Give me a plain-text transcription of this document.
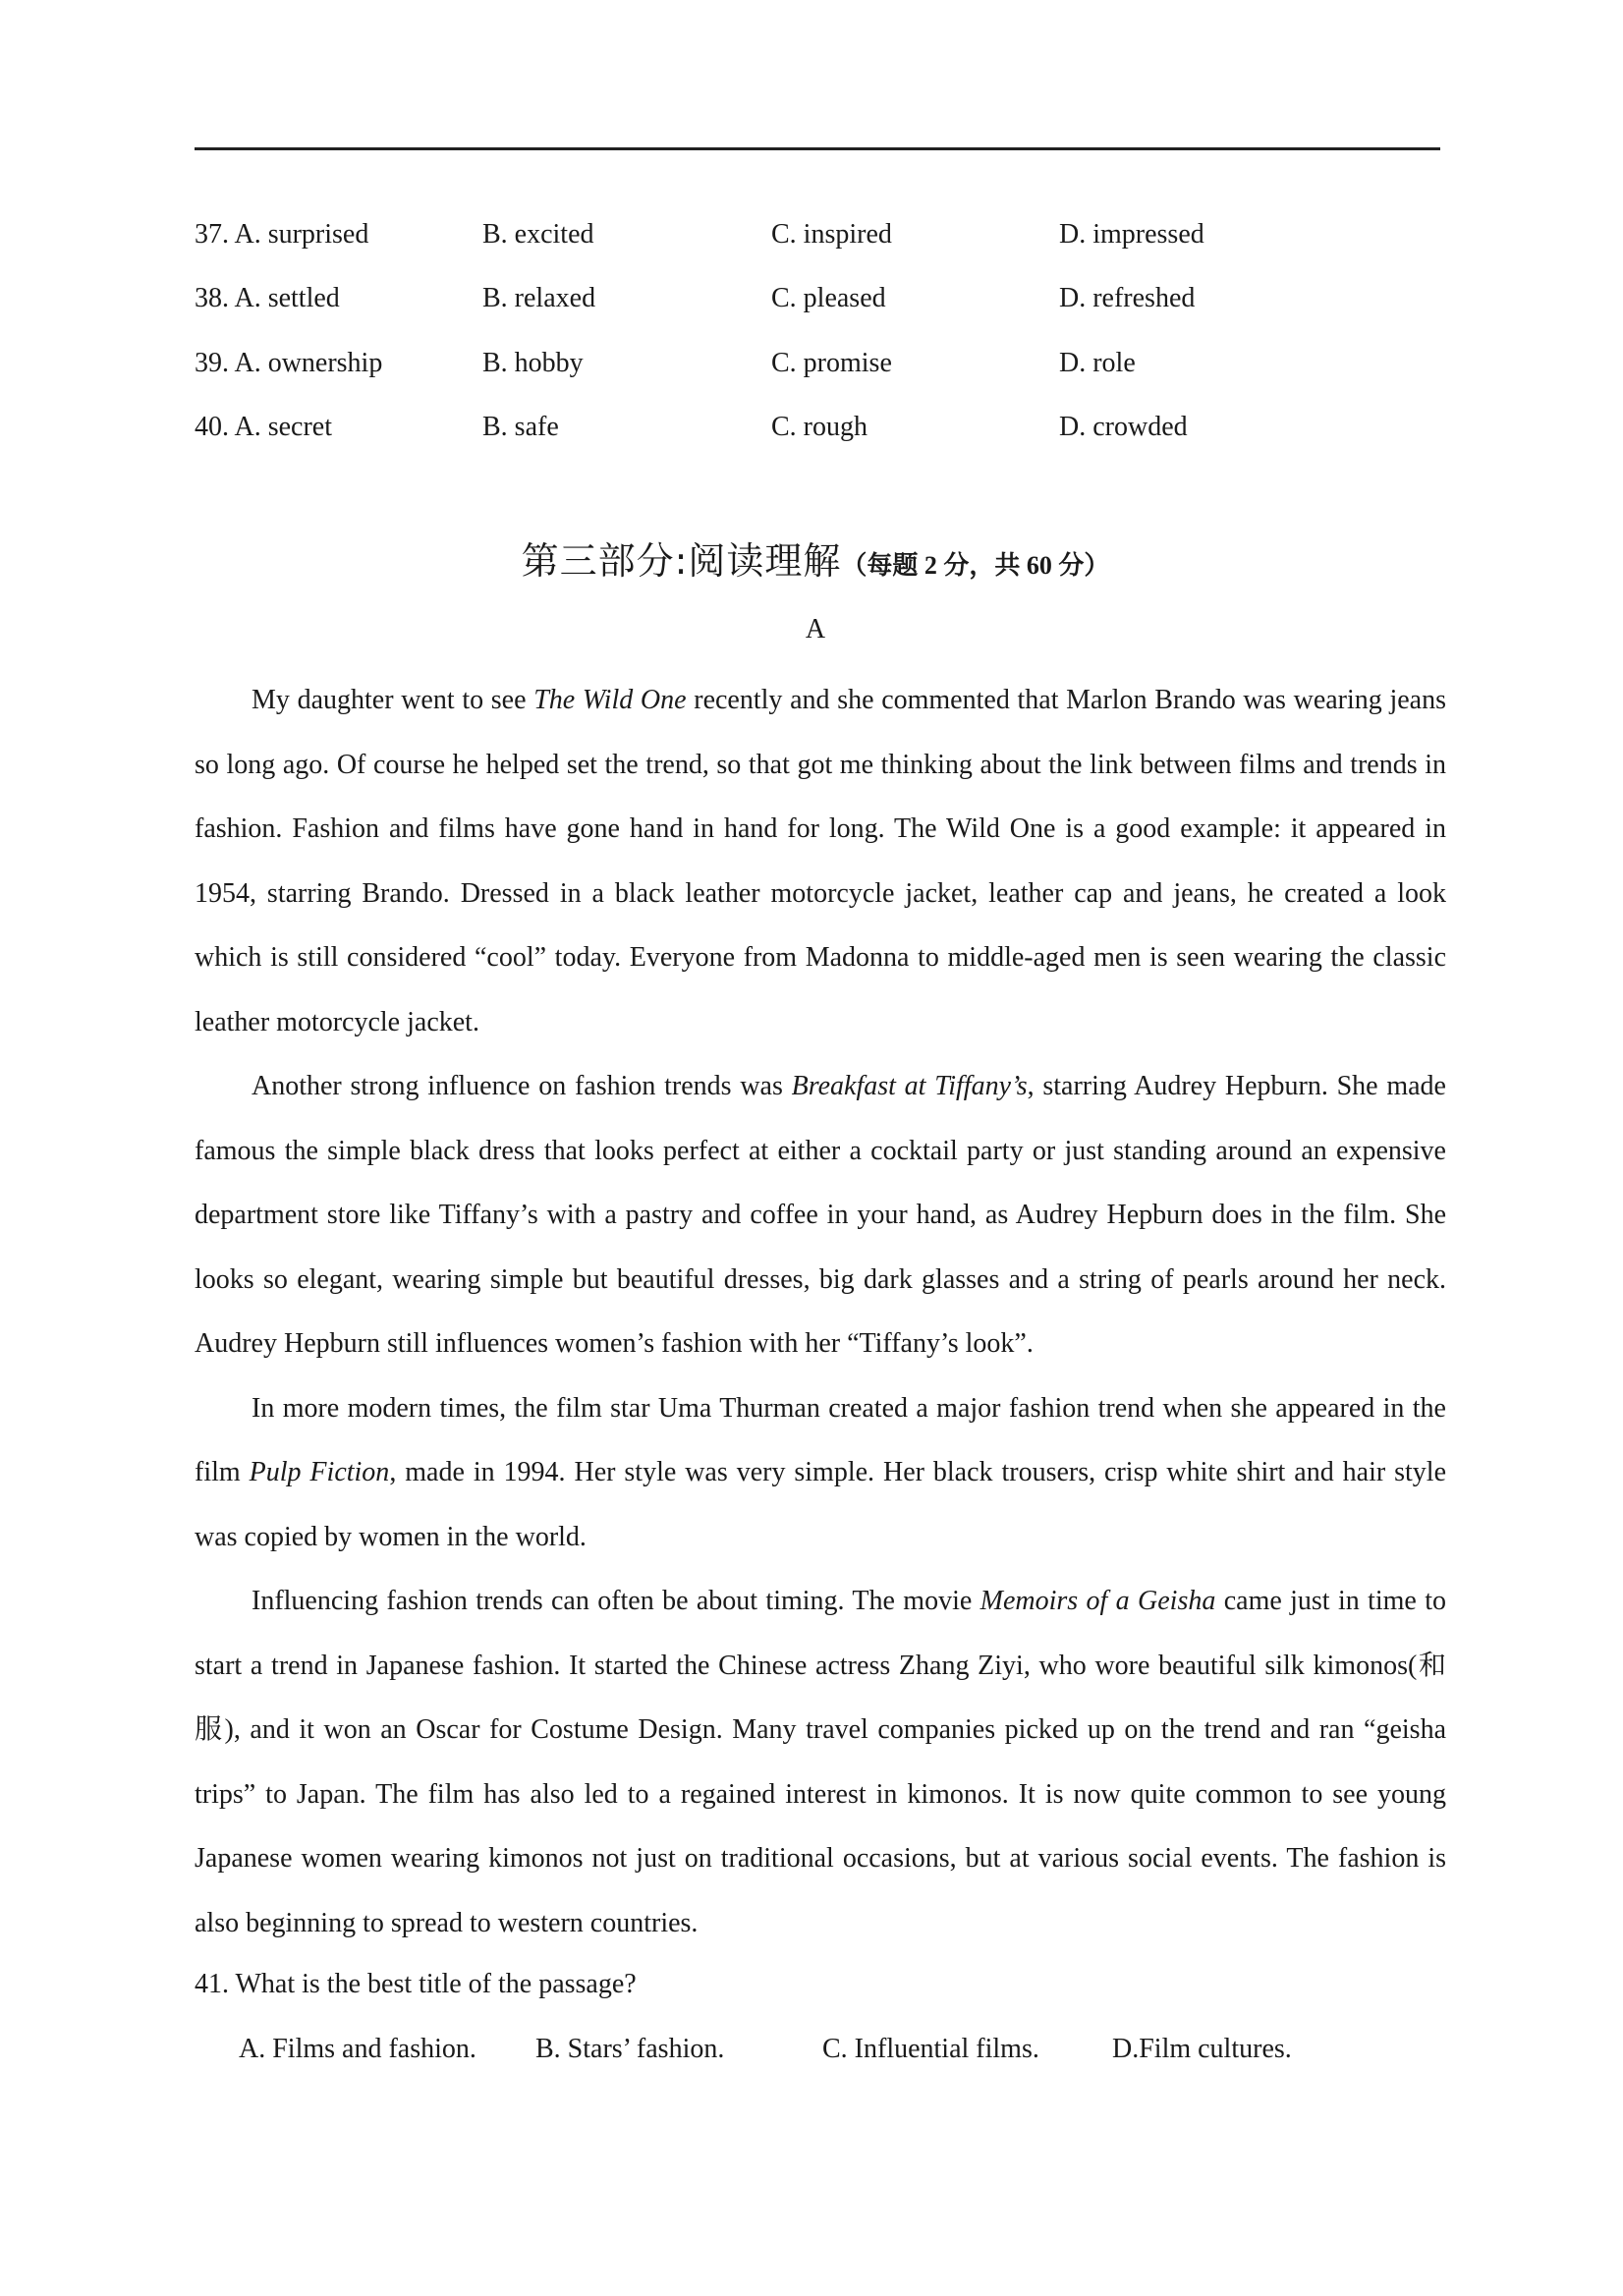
37. A. surprised	B. excited	C. inspired	D. impressed
38. A. settled	B. relaxed	C. pleased	D. refreshed
39. A. ownership	B. hobby	C. promise	D. role
40. A. secret	B. safe	C. rough	D. crowded
第三部分:阅读理解（每题 2 分，共 60 分）
A

My daughter went to see The Wild One recently and she commented that Marlon Brando was wearing jeans so long ago. Of course he helped set the trend, so that got me thinking about the link between films and trends in fashion. Fashion and films have gone hand in hand for long. The Wild One is a good example: it appeared in 1954, starring Brando. Dressed in a black leather motorcycle jacket, leather cap and jeans, he created a look which is still considered “cool” today. Everyone from Madonna to middle-aged men is seen wearing the classic leather motorcycle jacket.

Another strong influence on fashion trends was Breakfast at Tiffany’s, starring Audrey Hepburn. She made famous the simple black dress that looks perfect at either a cocktail party or just standing around an expensive department store like Tiffany’s with a pastry and coffee in your hand, as Audrey Hepburn does in the film. She looks so elegant, wearing simple but beautiful dresses, big dark glasses and a string of pearls around her neck. Audrey Hepburn still influences women’s fashion with her “Tiffany’s look”.

In more modern times, the film star Uma Thurman created a major fashion trend when she appeared in the film Pulp Fiction, made in 1994. Her style was very simple. Her black trousers, crisp white shirt and hair style was copied by women in the world.

Influencing fashion trends can often be about timing. The movie Memoirs of a Geisha came just in time to start a trend in Japanese fashion. It started the Chinese actress Zhang Ziyi, who wore beautiful silk kimonos(和服), and it won an Oscar for Costume Design. Many travel companies picked up on the trend and ran “geisha trips” to Japan. The film has also led to a regained interest in kimonos. It is now quite common to see young Japanese women wearing kimonos not just on traditional occasions, but at various social events. The fashion is also beginning to spread to western countries.

41. What is the best title of the passage?
A. Films and fashion.	B. Stars’ fashion.	C. Influential films.	D.Film cultures.
